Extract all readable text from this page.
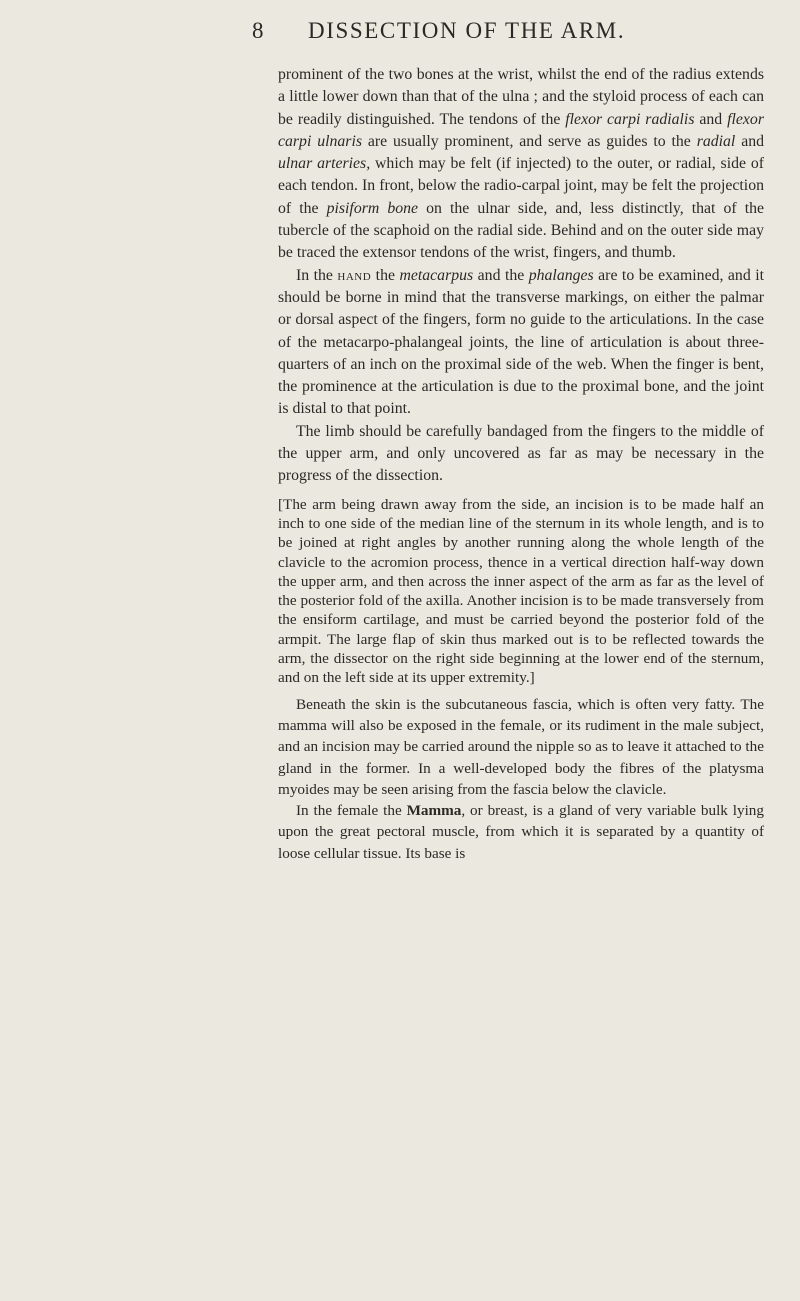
8 DISSECTION OF THE ARM.

prominent of the two bones at the wrist, whilst the end of the radius extends a little lower down than that of the ulna ; and the styloid process of each can be readily distinguished. The tendons of the flexor carpi radialis and flexor carpi ulnaris are usually prominent, and serve as guides to the radial and ulnar arteries, which may be felt (if injected) to the outer, or radial, side of each tendon. In front, below the radio-carpal joint, may be felt the projection of the pisiform bone on the ulnar side, and, less distinctly, that of the tubercle of the scaphoid on the radial side. Behind and on the outer side may be traced the extensor tendons of the wrist, fingers, and thumb.

In the hand the metacarpus and the phalanges are to be examined, and it should be borne in mind that the transverse markings, on either the palmar or dorsal aspect of the fingers, form no guide to the articulations. In the case of the metacarpo-phalangeal joints, the line of articulation is about three-quarters of an inch on the proximal side of the web. When the finger is bent, the prominence at the articulation is due to the proximal bone, and the joint is distal to that point.

The limb should be carefully bandaged from the fingers to the middle of the upper arm, and only uncovered as far as may be necessary in the progress of the dissection.

[The arm being drawn away from the side, an incision is to be made half an inch to one side of the median line of the sternum in its whole length, and is to be joined at right angles by another running along the whole length of the clavicle to the acromion process, thence in a vertical direction half-way down the upper arm, and then across the inner aspect of the arm as far as the level of the posterior fold of the axilla. Another incision is to be made transversely from the ensiform cartilage, and must be carried beyond the posterior fold of the armpit. The large flap of skin thus marked out is to be reflected towards the arm, the dissector on the right side beginning at the lower end of the sternum, and on the left side at its upper extremity.]

Beneath the skin is the subcutaneous fascia, which is often very fatty. The mamma will also be exposed in the female, or its rudiment in the male subject, and an incision may be carried around the nipple so as to leave it attached to the gland in the former. In a well-developed body the fibres of the platysma myoides may be seen arising from the fascia below the clavicle.

In the female the Mamma, or breast, is a gland of very variable bulk lying upon the great pectoral muscle, from which it is separated by a quantity of loose cellular tissue. Its base is
